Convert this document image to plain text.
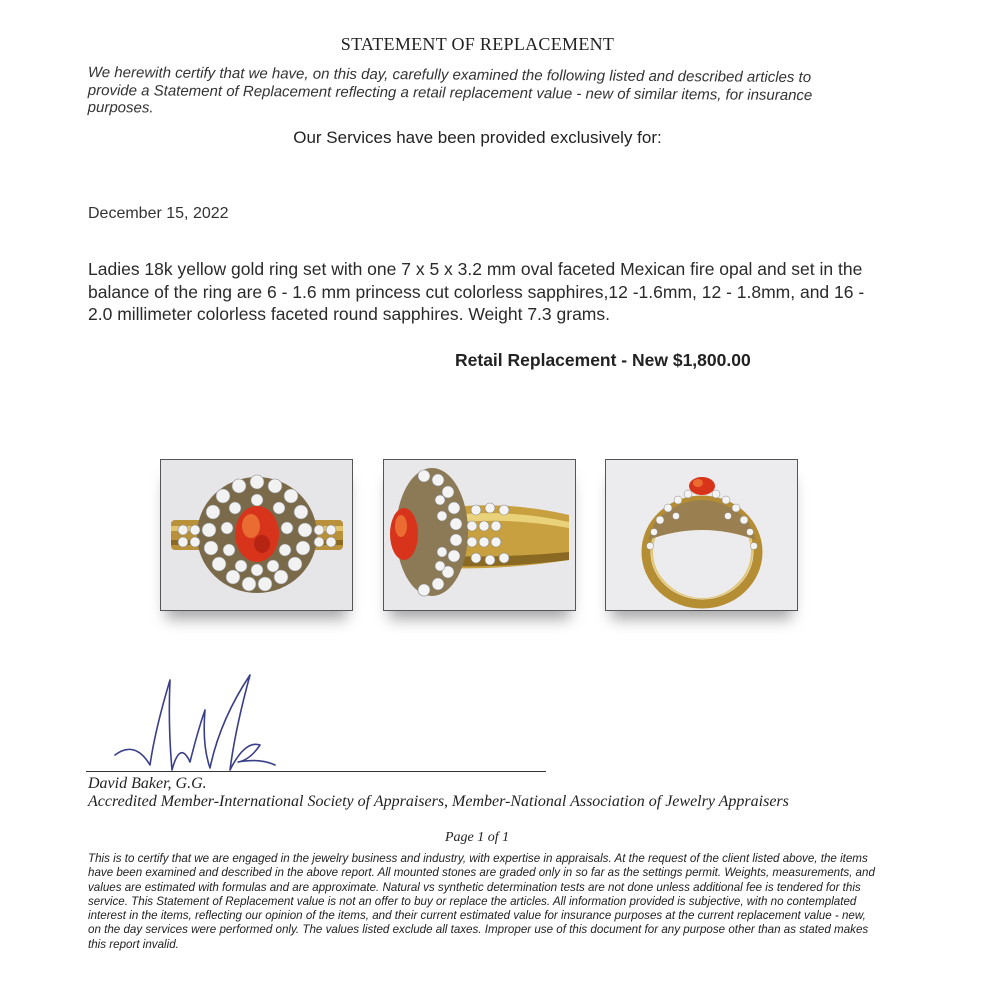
STATEMENT OF REPLACEMENT
We herewith certify that we have, on this day, carefully examined the following listed and described articles to provide a Statement of Replacement reflecting a retail replacement value - new of similar items, for insurance purposes.
Our Services have been provided exclusively for:
December 15, 2022
Ladies 18k yellow gold ring set with one 7 x 5 x 3.2 mm oval faceted Mexican fire opal and set in the balance of the ring are 6 - 1.6 mm princess cut colorless sapphires,12 -1.6mm, 12 - 1.8mm, and 16 - 2.0 millimeter colorless faceted round sapphires. Weight 7.3 grams.
Retail Replacement - New $1,800.00
David Baker, G.G.
Accredited Member-International Society of Appraisers, Member-National Association of Jewelry Appraisers
Page 1 of 1
This is to certify that we are engaged in the jewelry business and industry, with expertise in appraisals. At the request of the client listed above, the items have been examined and described in the above report. All mounted stones are graded only in so far as the settings permit. Weights, measurements, and values are estimated with formulas and are approximate. Natural vs synthetic determination tests are not done unless additional fee is tendered for this service. This Statement of Replacement value is not an offer to buy or replace the articles. All information provided is subjective, with no contemplated interest in the items, reflecting our opinion of the items, and their current estimated value for insurance purposes at the current replacement value - new, on the day services were performed only. The values listed exclude all taxes. Improper use of this document for any purpose other than as stated makes this report invalid.
